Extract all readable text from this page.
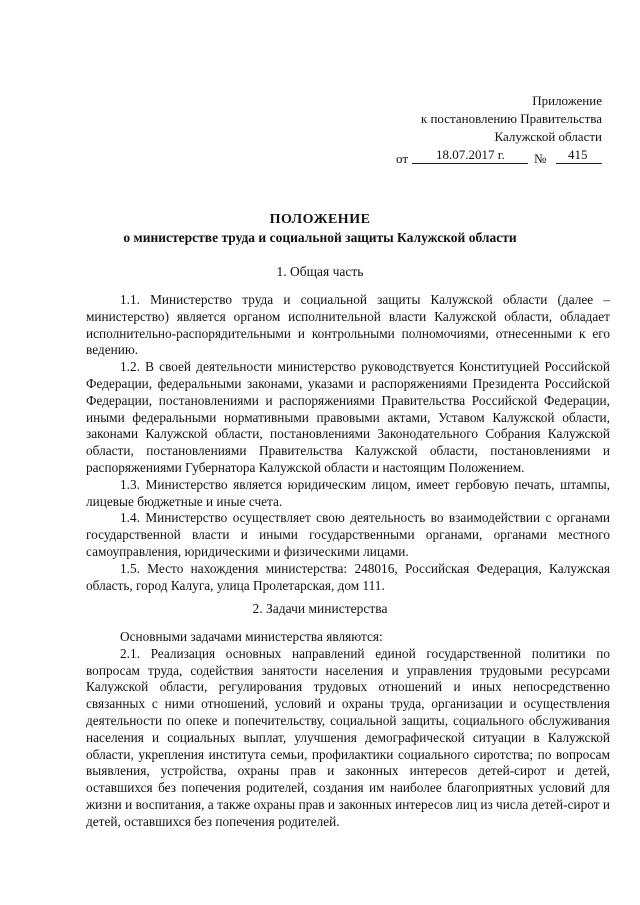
Приложение
к постановлению Правительства
Калужской области
от 18.07.2017 г. № 415
ПОЛОЖЕНИЕ
о министерстве труда и социальной защиты Калужской области
1. Общая часть

1.1. Министерство труда и социальной защиты Калужской области (далее – министерство) является органом исполнительной власти Калужской области, обладает исполнительно-распорядительными и контрольными полномочиями, отнесенными к его ведению.

1.2. В своей деятельности министерство руководствуется Конституцией Российской Федерации, федеральными законами, указами и распоряжениями Президента Российской Федерации, постановлениями и распоряжениями Правительства Российской Федерации, иными федеральными нормативными правовыми актами, Уставом Калужской области, законами Калужской области, постановлениями Законодательного Собрания Калужской области, постановлениями Правительства Калужской области, постановлениями и распоряжениями Губернатора Калужской области и настоящим Положением.

1.3. Министерство является юридическим лицом, имеет гербовую печать, штампы, лицевые бюджетные и иные счета.

1.4. Министерство осуществляет свою деятельность во взаимодействии с органами государственной власти и иными государственными органами, органами местного самоуправления, юридическими и физическими лицами.

1.5. Место нахождения министерства: 248016, Российская Федерация, Калужская область, город Калуга, улица Пролетарская, дом 111.

2. Задачи министерства

Основными задачами министерства являются:

2.1. Реализация основных направлений единой государственной политики по вопросам труда, содействия занятости населения и управления трудовыми ресурсами Калужской области, регулирования трудовых отношений и иных непосредственно связанных с ними отношений, условий и охраны труда, организации и осуществления деятельности по опеке и попечительству, социальной защиты, социального обслуживания населения и социальных выплат, улучшения демографической ситуации в Калужской области, укрепления института семьи, профилактики социального сиротства; по вопросам выявления, устройства, охраны прав и законных интересов детей-сирот и детей, оставшихся без попечения родителей, создания им наиболее благоприятных условий для жизни и воспитания, а также охраны прав и законных интересов лиц из числа детей-сирот и детей, оставшихся без попечения родителей.
